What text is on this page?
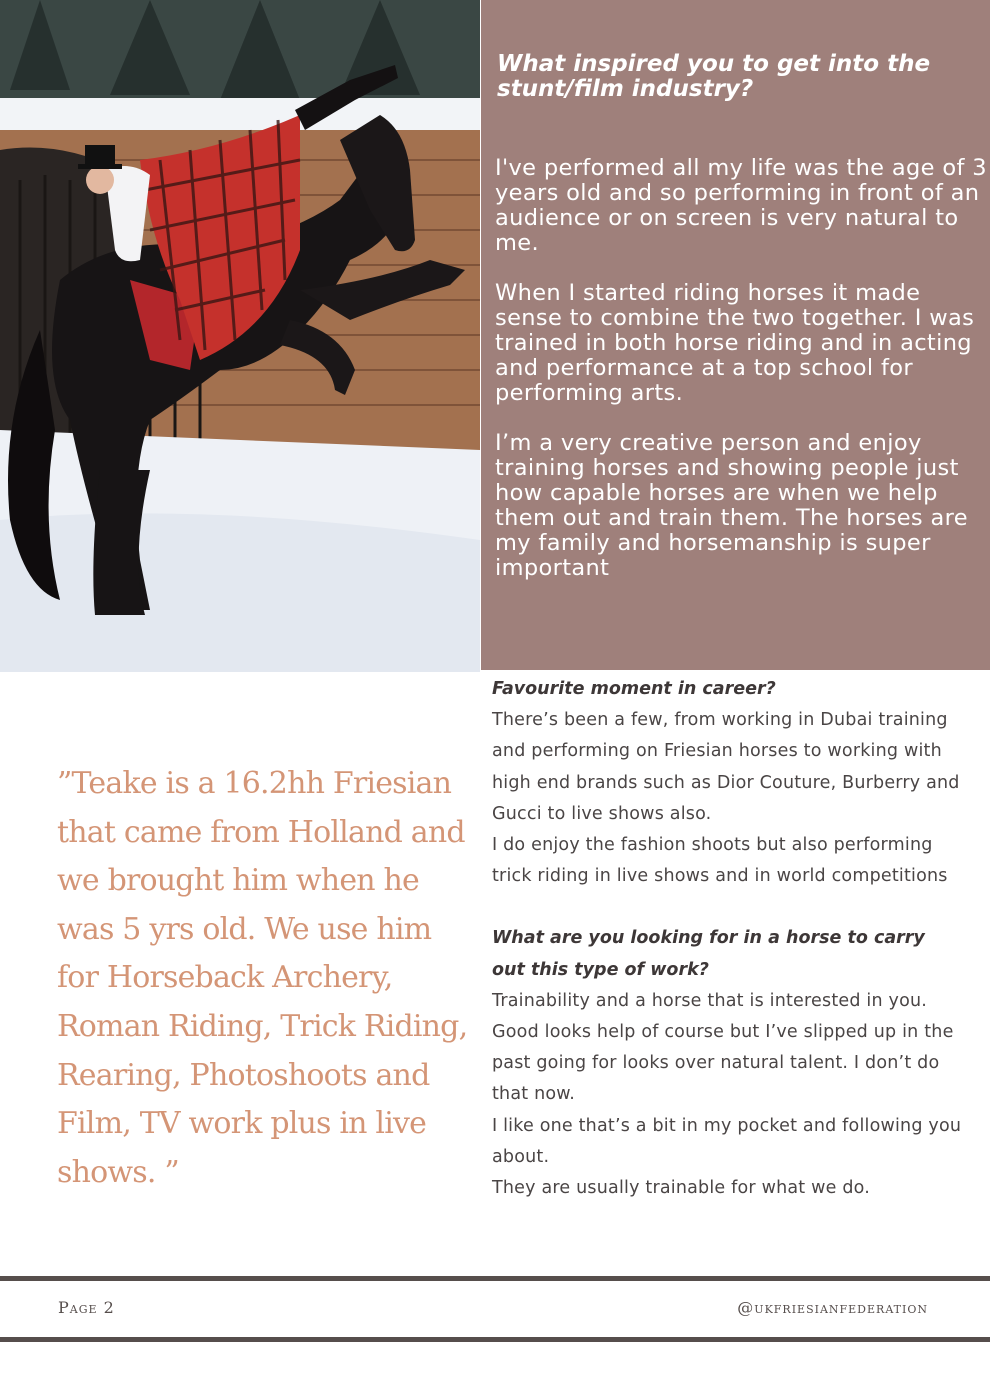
What inspired you to get into the stunt/film industry?

I've performed all my life was the age of 3 years old and so performing in front of an audience or on screen is very natural to me.

When I started riding horses it made sense to combine the two together. I was trained in both horse riding and in acting and performance at a top school for performing arts.

I’m a very creative person and enjoy training horses and showing people just how capable horses are when we help them out and train them. The horses are my family and horsemanship is super important

”Teake is a 16.2hh Friesian that came from Holland and we brought him when he was 5 yrs old. We use him for Horseback Archery, Roman Riding, Trick Riding, Rearing, Photoshoots and Film, TV work plus in live shows. ”

Favourite moment in career?

There’s been a few, from working in Dubai training and performing on Friesian horses to working with high end brands such as Dior Couture, Burberry and Gucci to live shows also.

I do enjoy the fashion shoots but also performing trick riding in live shows and in world competitions

What are you looking for in a horse to carry out this type of work?

Trainability and a horse that is interested in you. Good looks help of course but I’ve slipped up in the past going for looks over natural talent. I don’t do that now.

I like one that’s a bit in my pocket and following you about.

They are usually trainable for what we do.

Page 2	@ukfriesianfederation
